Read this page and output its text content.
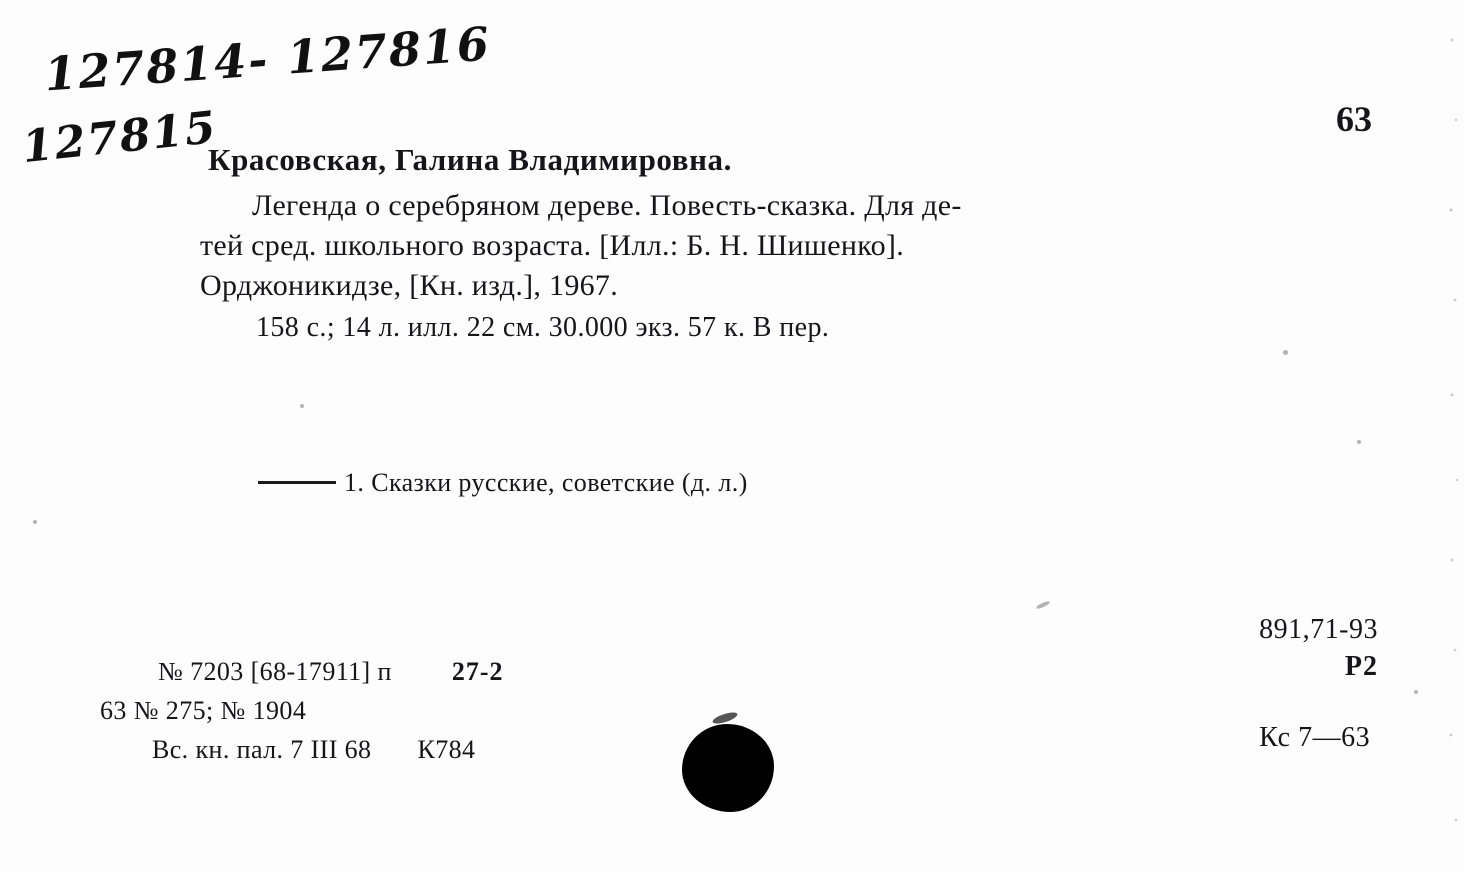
127814- 127816
127815	63
Красовская, Галина Владимировна.
Легенда о серебряном дереве. Повесть-сказка. Для де-
тей сред. школьного возраста. [Илл.: Б. Н. Шишенко].
Орджоникидзе, [Кн. изд.], 1967.
158 с.; 14 л. илл. 22 см. 30.000 экз. 57 к. В пер.
1. Сказки русские, советские (д. л.)
№ 7203 [68-17911] п 27-2
63 № 275; № 1904
Вс. кн. пал. 7 III 68 К784
891,71-93
Р2
Кс 7—63
